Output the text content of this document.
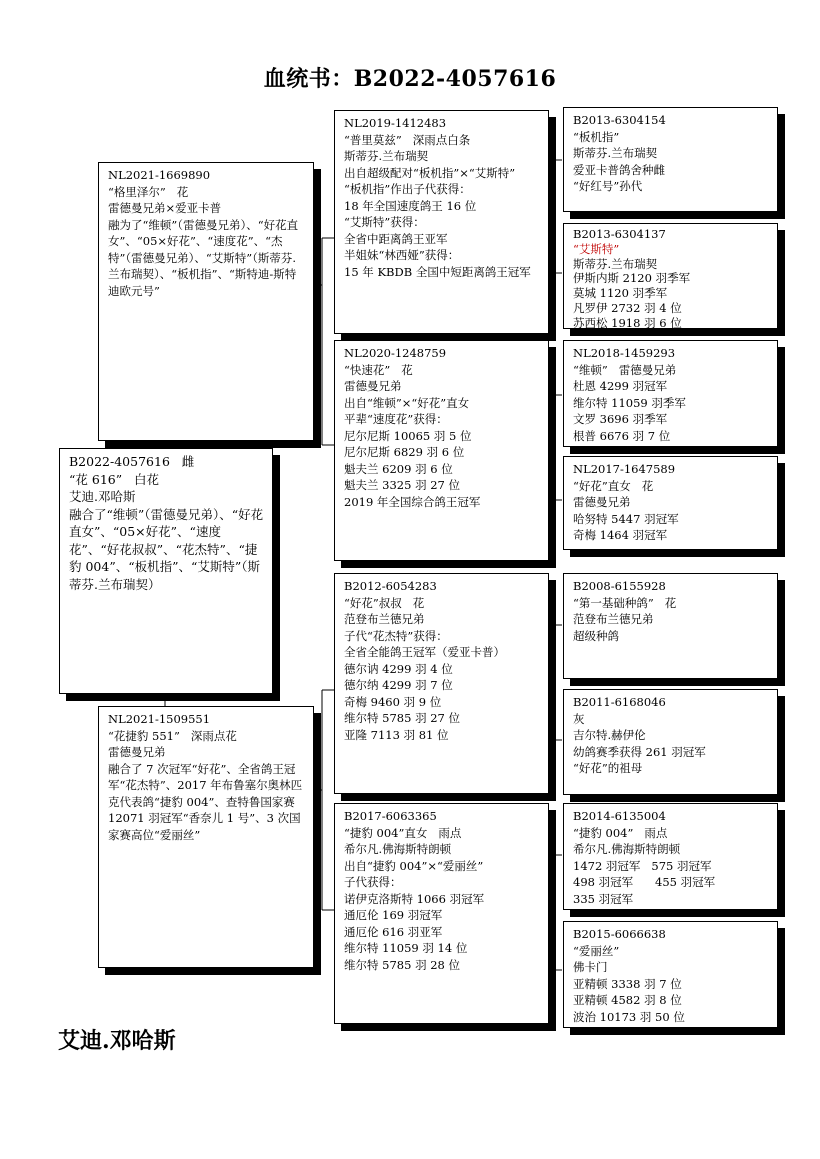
血统书：B2022-4057616
B2022-4057616   雌
“花 616”   白花
艾迪.邓哈斯
融合了“维顿”（雷德曼兄弟）、“好花直女”、“05×好花”、“速度花”、“好花叔叔”、“花杰特”、“捷豹 004”、“板机指”、“艾斯特”（斯蒂芬.兰布瑞契）
NL2021-1669890
“格里泽尔”   花
雷德曼兄弟×爱亚卡普
融为了“维顿”（雷德曼兄弟）、“好花直女”、“05×好花”、“速度花”、“杰特”（雷德曼兄弟）、“艾斯特”（斯蒂芬.兰布瑞契）、“板机指”、“斯特迪-斯特迪欧元号”
NL2021-1509551
“花捷豹 551”   深雨点花
雷德曼兄弟
融合了 7 次冠军“好花”、全省鸽王冠军“花杰特”、2017 年布鲁塞尔奥林匹克代表鸽“捷豹 004”、查特鲁国家赛 12071 羽冠军“香奈儿 1 号”、3 次国家赛高位“爱丽丝”
NL2019-1412483
“普里莫兹”   深雨点白条
斯蒂芬.兰布瑞契
出自超级配对“板机指”×“艾斯特”
“板机指”作出子代获得：
18 年全国速度鸽王 16 位
“艾斯特”获得：
全省中距离鸽王亚军
半姐妹“林西娅”获得：
15 年 KBDB 全国中短距离鸽王冠军
NL2020-1248759
“快速花”   花
雷德曼兄弟
出自“维顿”×“好花”直女
平辈“速度花”获得：
尼尔尼斯 10065 羽 5 位
尼尔尼斯 6829 羽 6 位
魁夫兰 6209 羽 6 位
魁夫兰 3325 羽 27 位
2019 年全国综合鸽王冠军
B2012-6054283
“好花”叔叔   花
范登布兰德兄弟
子代“花杰特”获得：
全省全能鸽王冠军（爱亚卡普）
德尔讷 4299 羽 4 位
德尔纳 4299 羽 7 位
奇梅 9460 羽 9 位
维尔特 5785 羽 27 位
亚隆 7113 羽 81 位
B2017-6063365
“捷豹 004”直女   雨点
希尔凡.佛海斯特朗顿
出自“捷豹 004”×“爱丽丝”
子代获得：
诺伊克洛斯特 1066 羽冠军
通厄伦 169 羽冠军
通厄伦 616 羽亚军
维尔特 11059 羽 14 位
维尔特 5785 羽 28 位
B2013-6304154
“板机指”
斯蒂芬.兰布瑞契
爱亚卡普鸽舍种雌
“好红号”孙代
B2013-6304137
“艾斯特”
斯蒂芬.兰布瑞契
伊斯内斯 2120 羽季军
莫城 1120 羽季军
凡罗伊 2732 羽 4 位
苏西松 1918 羽 6 位
NL2018-1459293
“维顿”   雷德曼兄弟
杜恩 4299 羽冠军
维尔特 11059 羽季军
文罗 3696 羽季军
根普 6676 羽 7 位
NL2017-1647589
“好花”直女   花
雷德曼兄弟
哈努特 5447 羽冠军
奇梅 1464 羽冠军
B2008-6155928
“第一基础种鸽”   花
范登布兰德兄弟
超级种鸽
B2011-6168046
灰
吉尔特.赫伊伦
幼鸽赛季获得 261 羽冠军
“好花”的祖母
B2014-6135004
“捷豹 004”   雨点
希尔凡.佛海斯特朗顿
1472 羽冠军   575 羽冠军
498 羽冠军      455 羽冠军
335 羽冠军
B2015-6066638
“爱丽丝”
佛卡门
亚精顿 3338 羽 7 位
亚精顿 4582 羽 8 位
波治 10173 羽 50 位
艾迪.邓哈斯
